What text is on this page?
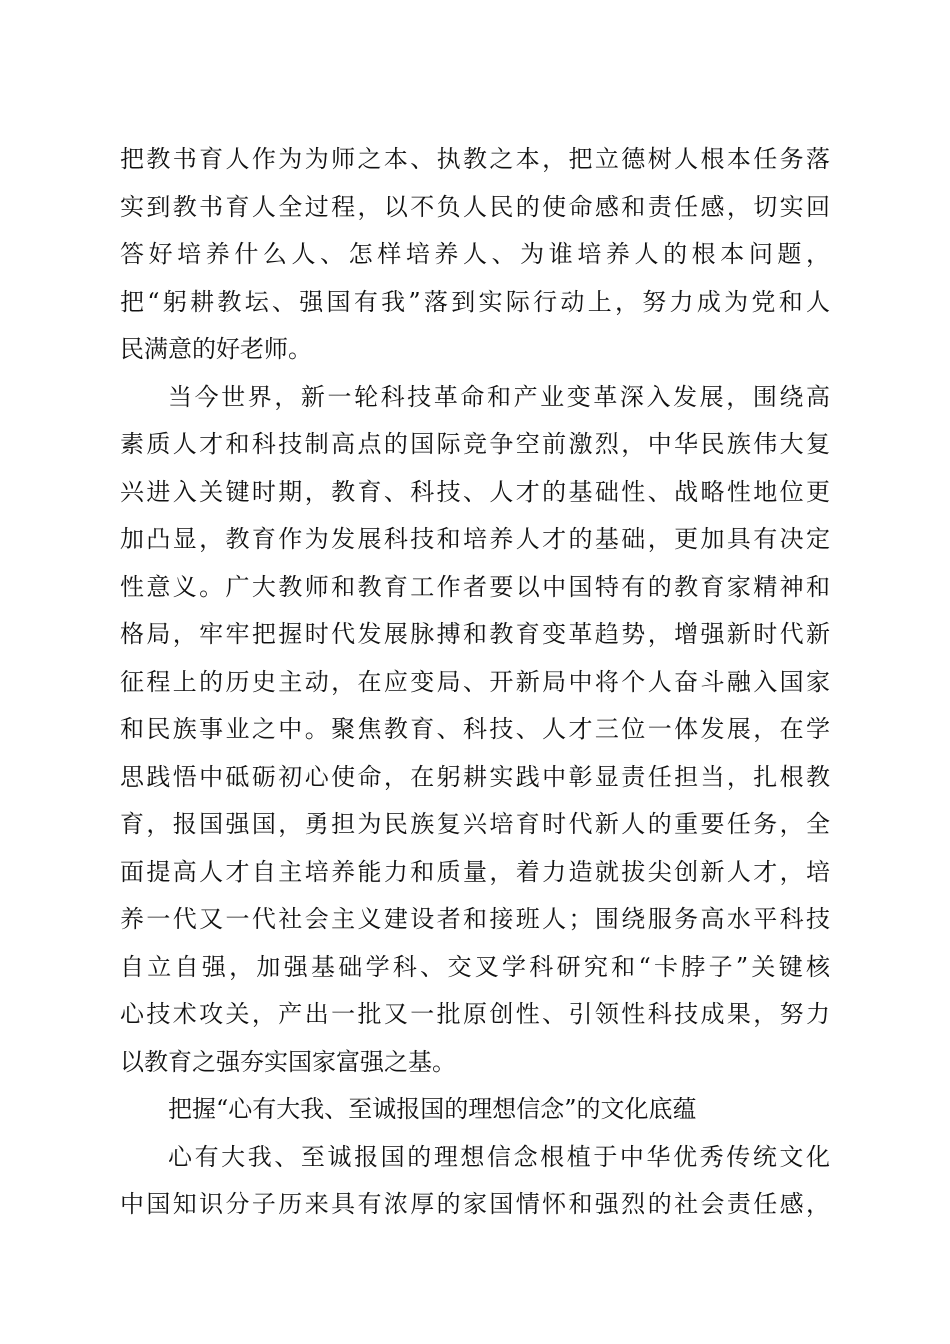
把教书育人作为为师之本、执教之本，把立德树人根本任务落
实到教书育人全过程，以不负人民的使命感和责任感，切实回
答好培养什么人、怎样培养人、为谁培养人的根本问题，
把“躬耕教坛、强国有我”落到实际行动上，努力成为党和人
民满意的好老师。
当今世界，新一轮科技革命和产业变革深入发展，围绕高
素质人才和科技制高点的国际竞争空前激烈，中华民族伟大复
兴进入关键时期，教育、科技、人才的基础性、战略性地位更
加凸显，教育作为发展科技和培养人才的基础，更加具有决定
性意义。广大教师和教育工作者要以中国特有的教育家精神和
格局，牢牢把握时代发展脉搏和教育变革趋势，增强新时代新
征程上的历史主动，在应变局、开新局中将个人奋斗融入国家
和民族事业之中。聚焦教育、科技、人才三位一体发展，在学
思践悟中砥砺初心使命，在躬耕实践中彰显责任担当，扎根教
育，报国强国，勇担为民族复兴培育时代新人的重要任务，全
面提高人才自主培养能力和质量，着力造就拔尖创新人才，培
养一代又一代社会主义建设者和接班人；围绕服务高水平科技
自立自强，加强基础学科、交叉学科研究和“卡脖子”关键核
心技术攻关，产出一批又一批原创性、引领性科技成果，努力
以教育之强夯实国家富强之基。
把握“心有大我、至诚报国的理想信念”的文化底蕴
心有大我、至诚报国的理想信念根植于中华优秀传统文化
中国知识分子历来具有浓厚的家国情怀和强烈的社会责任感，
